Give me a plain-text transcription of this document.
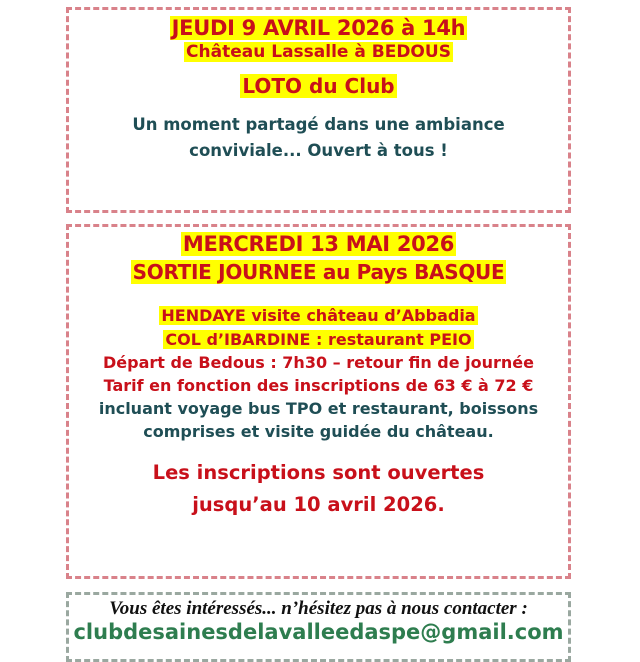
JEUDI 9 AVRIL 2026 à 14h
Château Lassalle à BEDOUS
LOTO du Club
Un moment partagé dans une ambiance
conviviale... Ouvert à tous !
MERCREDI 13 MAI 2026
SORTIE JOURNEE au Pays BASQUE
HENDAYE visite château d’Abbadia
COL d’IBARDINE : restaurant PEIO
Départ de Bedous : 7h30 – retour fin de journée
Tarif en fonction des inscriptions de 63 € à 72 €
incluant voyage bus TPO et restaurant, boissons
comprises et visite guidée du château.
Les inscriptions sont ouvertes
jusqu’au 10 avril 2026.
Vous êtes intéressés... n’hésitez pas à nous contacter :
clubdesainesdelavalleedaspe@gmail.com
